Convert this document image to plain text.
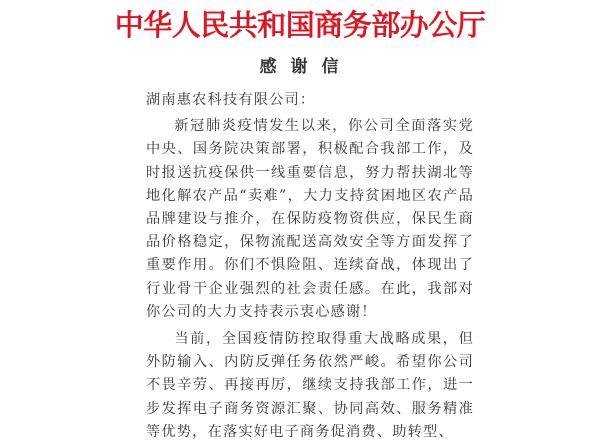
中华人民共和国商务部办公厅
感谢信

湖南惠农科技有限公司：

新冠肺炎疫情发生以来，你公司全面落实党中央、国务院决策部署，积极配合我部工作，及时报送抗疫保供一线重要信息，努力帮扶湖北等地化解农产品“卖难”，大力支持贫困地区农产品品牌建设与推介，在保防疫物资供应，保民生商品价格稳定，保物流配送高效安全等方面发挥了重要作用。你们不惧险阻、连续奋战，体现出了行业骨干企业强烈的社会责任感。在此，我部对你公司的大力支持表示衷心感谢！

当前，全国疫情防控取得重大战略成果，但外防输入、内防反弹任务依然严峻。希望你公司不畏辛劳、再接再厉，继续支持我部工作，进一步发挥电子商务资源汇聚、协同高效、服务精准等优势，在落实好电子商务促消费、助转型、
